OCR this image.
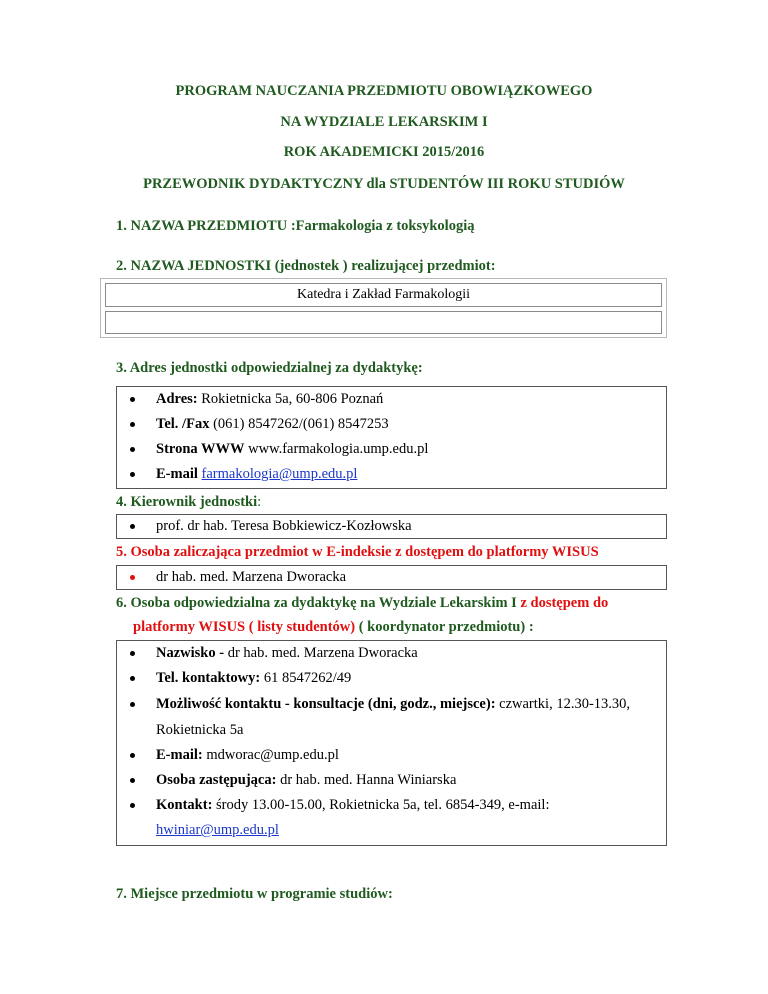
PROGRAM NAUCZANIA PRZEDMIOTU OBOWIĄZKOWEGO
NA WYDZIALE LEKARSKIM I
ROK AKADEMICKI 2015/2016
PRZEWODNIK DYDAKTYCZNY dla STUDENTÓW III ROKU STUDIÓW
1. NAZWA PRZEDMIOTU :Farmakologia z toksykologią
2. NAZWA JEDNOSTKI (jednostek ) realizującej przedmiot:
Katedra i Zakład Farmakologii
3. Adres jednostki odpowiedzialnej za dydaktykę:
Adres: Rokietnicka 5a, 60-806 Poznań
Tel. /Fax (061) 8547262/(061) 8547253
Strona WWW www.farmakologia.ump.edu.pl
E-mail farmakologia@ump.edu.pl
4. Kierownik jednostki:
prof. dr hab. Teresa Bobkiewicz-Kozłowska
5. Osoba zaliczająca przedmiot w E-indeksie z dostępem do platformy WISUS
dr hab. med. Marzena Dworacka
6. Osoba odpowiedzialna za dydaktykę na Wydziale Lekarskim I z dostępem do
platformy WISUS ( listy studentów) ( koordynator przedmiotu) :
Nazwisko - dr hab. med. Marzena Dworacka
Tel. kontaktowy: 61 8547262/49
Możliwość kontaktu - konsultacje (dni, godz., miejsce): czwartki, 12.30-13.30,
Rokietnicka 5a
E-mail: mdworac@ump.edu.pl
Osoba zastępująca: dr hab. med. Hanna Winiarska
Kontakt: środy 13.00-15.00, Rokietnicka 5a, tel. 6854-349, e-mail:
hwiniar@ump.edu.pl
7. Miejsce przedmiotu w programie studiów:
